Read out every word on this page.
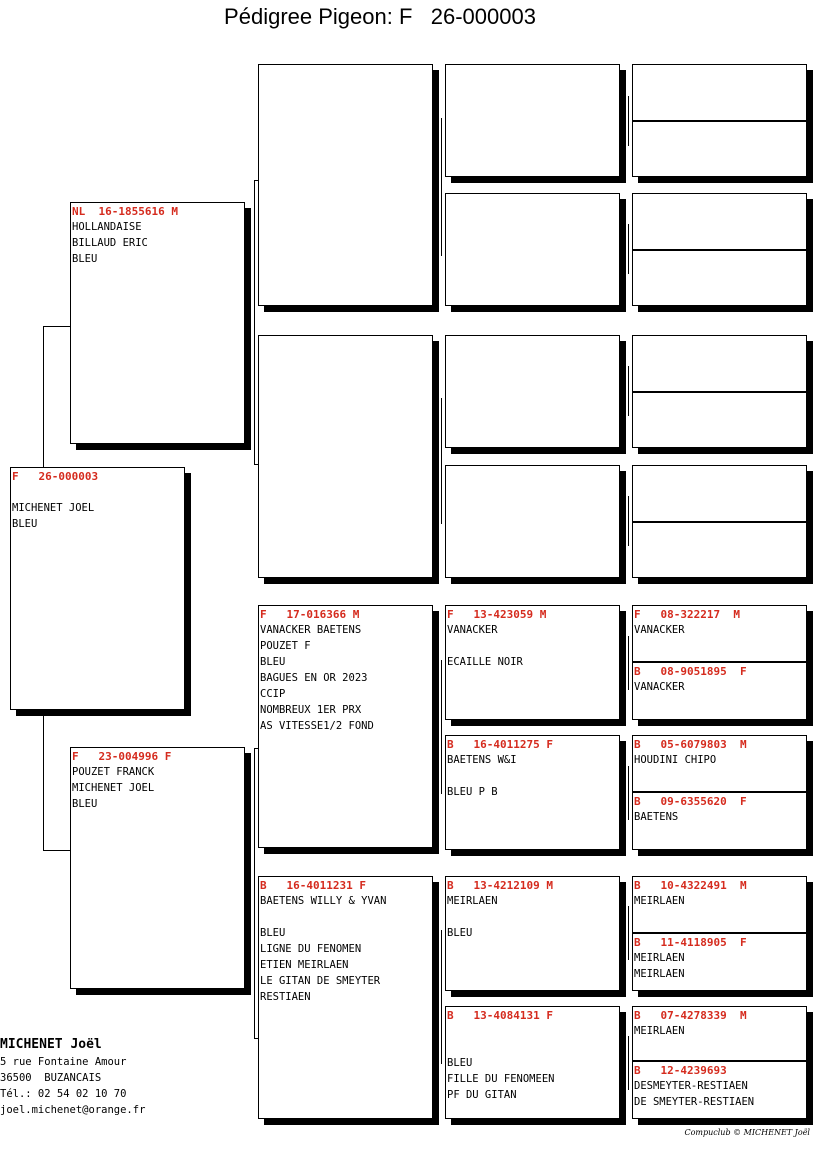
Pédigree Pigeon: F   26-000003
F   26-000003
MICHENET JOEL
BLEU
NL  16-1855616 M
HOLLANDAISE
BILLAUD ERIC
BLEU
F   23-004996 F
POUZET FRANCK
MICHENET JOEL
BLEU
F   17-016366 M
VANACKER BAETENS
POUZET F
BLEU
BAGUES EN OR 2023
CCIP
NOMBREUX 1ER PRX
AS VITESSE1/2 FOND
B   16-4011231 F
BAETENS WILLY & YVAN
BLEU
LIGNE DU FENOMEN
ETIEN MEIRLAEN
LE GITAN DE SMEYTER
RESTIAEN
F   13-423059 M
VANACKER
ECAILLE NOIR
B   16-4011275 F
BAETENS W&I
BLEU P B
B   13-4212109 M
MEIRLAEN
BLEU
B   13-4084131 F
BLEU
FILLE DU FENOMEEN
PF DU GITAN
F   08-322217  M
VANACKER
B   08-9051895  F
VANACKER
B   05-6079803  M
HOUDINI CHIPO
B   09-6355620  F
BAETENS
B   10-4322491  M
MEIRLAEN
B   11-4118905  F
MEIRLAEN
MEIRLAEN
B   07-4278339  M
MEIRLAEN
B   12-4239693
DESMEYTER-RESTIAEN
DE SMEYTER-RESTIAEN
MICHENET Joël
5 rue Fontaine Amour
36500  BUZANCAIS
Tél.: 02 54 02 10 70
joel.michenet@orange.fr
Compuclub © MICHENET Joël
